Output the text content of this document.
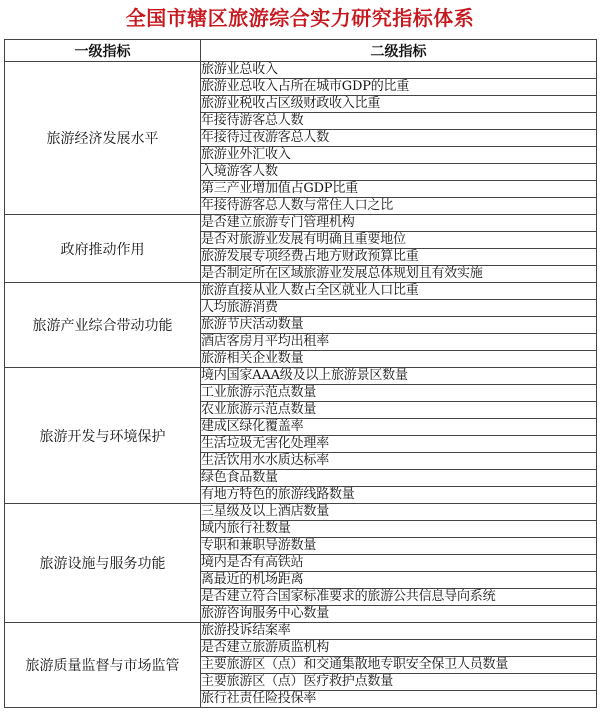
全国市辖区旅游综合实力研究指标体系
一级指标	二级指标
旅游经济发展水平	旅游业总收入
	旅游业总收入占所在城市GDP的比重
	旅游业税收占区级财政收入比重
	年接待游客总人数
	年接待过夜游客总人数
	旅游业外汇收入
	入境游客人数
	第三产业增加值占GDP比重
	年接待游客总人数与常住人口之比
政府推动作用	是否建立旅游专门管理机构
	是否对旅游业发展有明确且重要地位
	旅游发展专项经费占地方财政预算比重
	是否制定所在区域旅游业发展总体规划且有效实施
旅游产业综合带动功能	旅游直接从业人数占全区就业人口比重
	人均旅游消费
	旅游节庆活动数量
	酒店客房月平均出租率
	旅游相关企业数量
旅游开发与环境保护	境内国家AAA级及以上旅游景区数量
	工业旅游示范点数量
	农业旅游示范点数量
	建成区绿化覆盖率
	生活垃圾无害化处理率
	生活饮用水水质达标率
	绿色食品数量
	有地方特色的旅游线路数量
旅游设施与服务功能	三星级及以上酒店数量
	域内旅行社数量
	专职和兼职导游数量
	境内是否有高铁站
	离最近的机场距离
	是否建立符合国家标准要求的旅游公共信息导向系统
	旅游咨询服务中心数量
旅游质量监督与市场监管	旅游投诉结案率
	是否建立旅游质监机构
	主要旅游区（点）和交通集散地专职安全保卫人员数量
	主要旅游区（点）医疗救护点数量
	旅行社责任险投保率
